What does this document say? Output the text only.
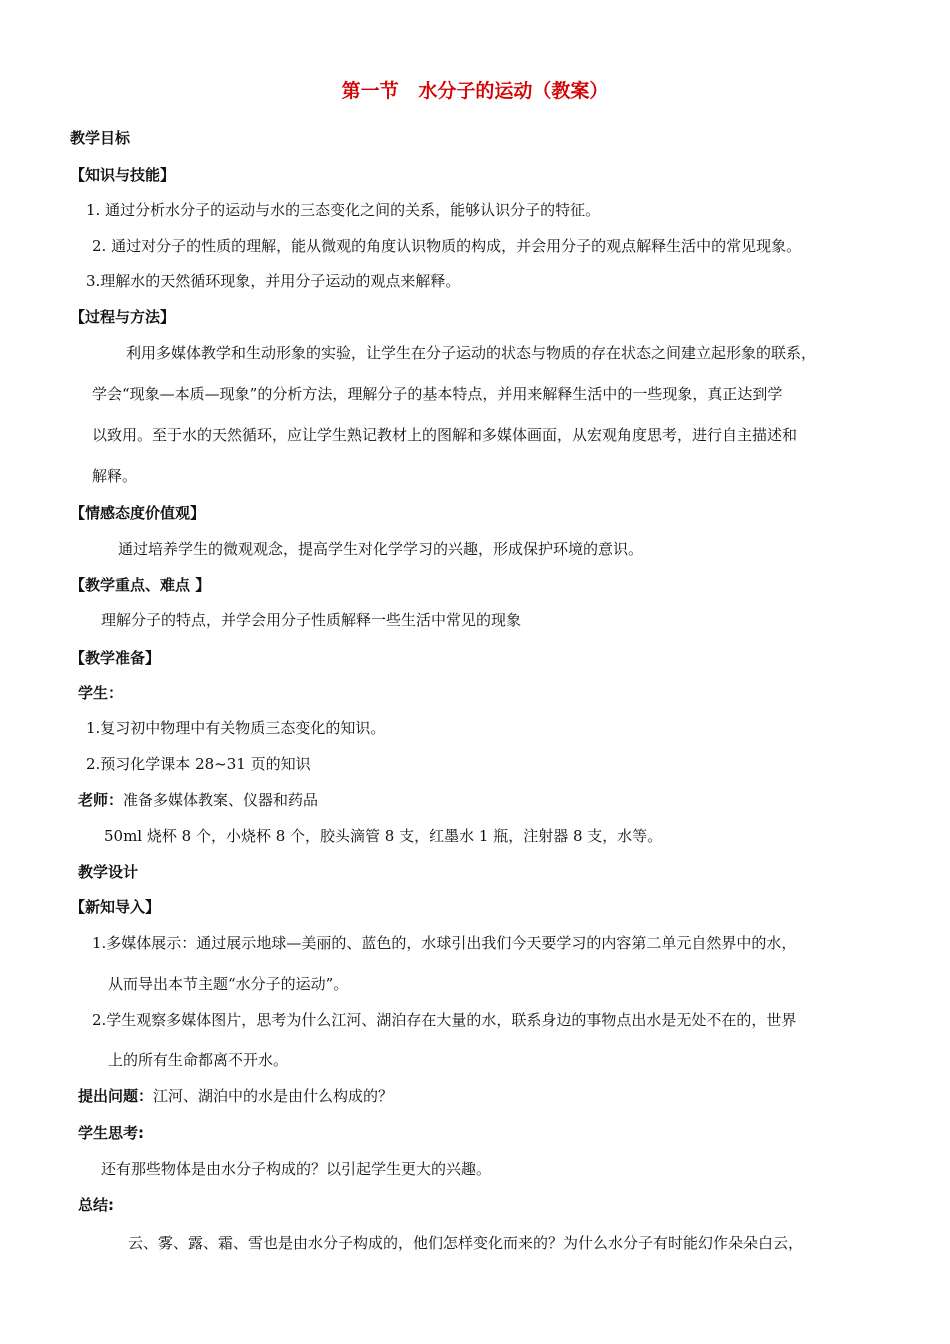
第一节   水分子的运动（教案）
教学目标
【知识与技能】
1. 通过分析水分子的运动与水的三态变化之间的关系，能够认识分子的特征。
2. 通过对分子的性质的理解，能从微观的角度认识物质的构成，并会用分子的观点解释生活中的常见现象。
3.理解水的天然循环现象，并用分子运动的观点来解释。
【过程与方法】
利用多媒体教学和生动形象的实验，让学生在分子运动的状态与物质的存在状态之间建立起形象的联系，
学会“现象—本质—现象”的分析方法，理解分子的基本特点，并用来解释生活中的一些现象，真正达到学
以致用。至于水的天然循环，应让学生熟记教材上的图解和多媒体画面，从宏观角度思考，进行自主描述和
解释。
【情感态度价值观】
通过培养学生的微观观念，提高学生对化学学习的兴趣，形成保护环境的意识。
【教学重点、难点 】
理解分子的特点，并学会用分子性质解释一些生活中常见的现象
【教学准备】
学生：
1.复习初中物理中有关物质三态变化的知识。
2.预习化学课本 28~31 页的知识
老师：准备多媒体教案、仪器和药品
50ml 烧杯 8 个，小烧杯 8 个，胶头滴管 8 支，红墨水 1 瓶，注射器 8 支，水等。
教学设计
【新知导入】
1.多媒体展示：通过展示地球—美丽的、蓝色的，水球引出我们今天要学习的内容第二单元自然界中的水，
从而导出本节主题“水分子的运动”。
2.学生观察多媒体图片，思考为什么江河、湖泊存在大量的水，联系身边的事物点出水是无处不在的，世界
上的所有生命都离不开水。
提出问题：江河、湖泊中的水是由什么构成的？
学生思考:
还有那些物体是由水分子构成的？以引起学生更大的兴趣。
总结:
云、雾、露、霜、雪也是由水分子构成的，他们怎样变化而来的？为什么水分子有时能幻作朵朵白云，
